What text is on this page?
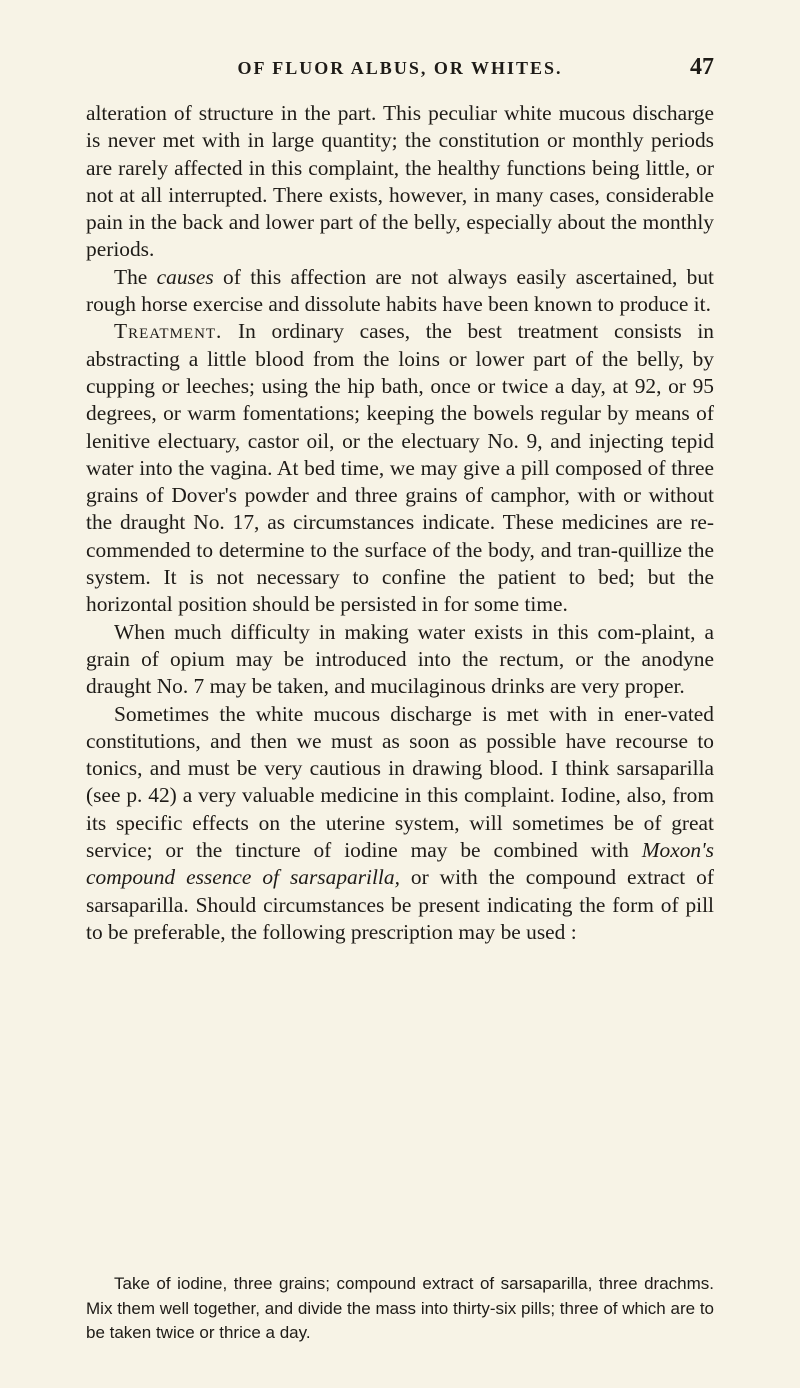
OF FLUOR ALBUS, OR WHITES.	47

alteration of structure in the part. This peculiar white mucous discharge is never met with in large quantity; the constitution or monthly periods are rarely affected in this complaint, the healthy functions being little, or not at all interrupted. There exists, however, in many cases, considerable pain in the back and lower part of the belly, especially about the monthly periods.

The causes of this affection are not always easily ascertained, but rough horse exercise and dissolute habits have been known to produce it.

Treatment. In ordinary cases, the best treatment consists in abstracting a little blood from the loins or lower part of the belly, by cupping or leeches; using the hip bath, once or twice a day, at 92, or 95 degrees, or warm fomentations; keeping the bowels regular by means of lenitive electuary, castor oil, or the electuary No. 9, and injecting tepid water into the vagina. At bed time, we may give a pill composed of three grains of Dover's powder and three grains of camphor, with or without the draught No. 17, as circumstances indicate. These medicines are re-commended to determine to the surface of the body, and tran-quillize the system. It is not necessary to confine the patient to bed; but the horizontal position should be persisted in for some time.

When much difficulty in making water exists in this com-plaint, a grain of opium may be introduced into the rectum, or the anodyne draught No. 7 may be taken, and mucilaginous drinks are very proper.

Sometimes the white mucous discharge is met with in ener-vated constitutions, and then we must as soon as possible have recourse to tonics, and must be very cautious in drawing blood. I think sarsaparilla (see p. 42) a very valuable medicine in this complaint. Iodine, also, from its specific effects on the uterine system, will sometimes be of great service; or the tincture of iodine may be combined with Moxon's compound essence of sarsaparilla, or with the compound extract of sarsaparilla. Should circumstances be present indicating the form of pill to be preferable, the following prescription may be used :

Take of iodine, three grains; compound extract of sarsaparilla, three drachms. Mix them well together, and divide the mass into thirty-six pills; three of which are to be taken twice or thrice a day.
